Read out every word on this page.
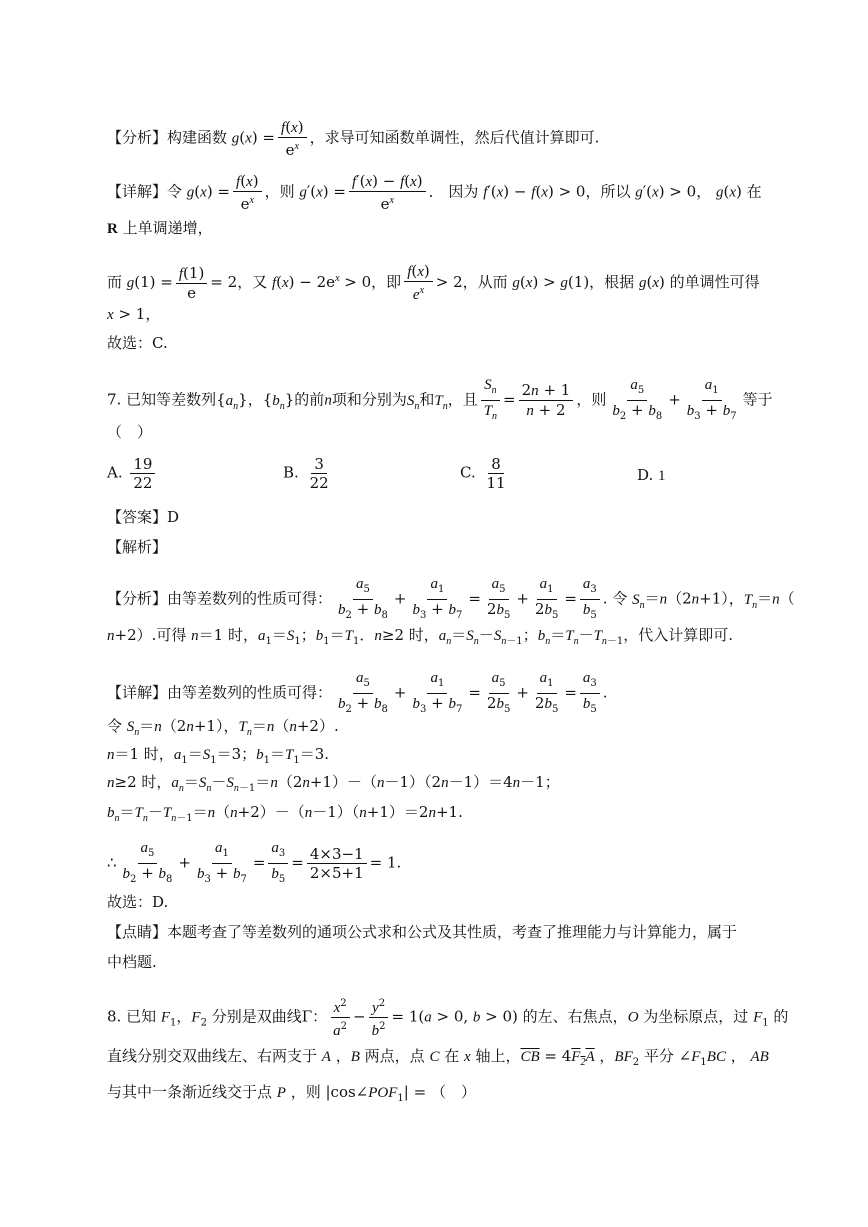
【分析】构建函数 $g(x) = \frac{f(x)}{e^x}$ ，求导可知函数单调性，然后代值计算即可.
【详解】令 $g(x) = \frac{f(x)}{e^x}$ ，则 $g'(x) = \frac{f'(x) - f(x)}{e^x}$ ． 因为 f′(x) − f(x) > 0，所以 g′(x) > 0， g(x) 在
R 上单调递增，
而 $g(1) = \frac{f(1)}{e} = 2$，又 $f(x) - 2e^x > 0$，即 $\frac{f(x)}{e^x} > 2$，从而 g(x) > g(1)，根据 g(x) 的单调性可得
x > 1，
故选：C.
7. 已知等差数列$\{a_n\}$，$\{b_n\}$的前n项和分别为$S_n$和$T_n$，且 $\frac{S_n}{T_n} = \frac{2n + 1}{n + 2}$ ，则 $\frac{a_5}{b_2 + b_8} + \frac{a_1}{b_3 + b_7}$ 等于
（　）
A. $\frac{19}{22}$	B. $\frac{3}{22}$	C. $\frac{8}{11}$	D. 1
【答案】D
【解析】
【分析】由等差数列的性质可得： $\frac{a_5}{b_2 + b_8} + \frac{a_1}{b_3 + b_7} = \frac{a_5}{2b_5} + \frac{a_1}{2b_5} = \frac{a_3}{b_5}$ . 令 $S_n=n(2n+1)$，$T_n=n$（
n+2）.可得 n＝1 时，$a_1=S_1$；$b_1=T_1$．n≥2 时，$a_n=S_n-S_{n-1}$；$b_n=T_n-T_{n-1}$，代入计算即可.
【详解】由等差数列的性质可得： $\frac{a_5}{b_2 + b_8} + \frac{a_1}{b_3 + b_7} = \frac{a_5}{2b_5} + \frac{a_1}{2b_5} = \frac{a_3}{b_5}$ .
令 $S_n=n(2n+1)$，$T_n=n(n+2)$.
n＝1 时，$a_1=S_1=3$；$b_1=T_1=3$.
n≥2 时，$a_n=S_n-S_{n-1}=n(2n+1)-(n-1)(2n-1)=4n-1$；
$b_n=T_n-T_{n-1}=n(n+2)-(n-1)(n+1)=2n+1$.
∴ $\frac{a_5}{b_2 + b_8} + \frac{a_1}{b_3 + b_7} = \frac{a_3}{b_5} = \frac{4\times 3-1}{2\times 5+1} = 1$.
故选：D.
【点睛】本题考查了等差数列的通项公式求和公式及其性质，考查了推理能力与计算能力，属于
中档题.
8. 已知 $F_1$，$F_2$ 分别是双曲线Γ： $\frac{x^2}{a^2} - \frac{y^2}{b^2} = 1(a > 0$, b > 0) 的左、右焦点，O 为坐标原点，过 $F_1$ 的
直线分别交双曲线左、右两支于 A ，B 两点，点 C 在 x 轴上，$\overline{CB} = 4F_2A$ ，$BF_2$ 平分 $\angle F_1BC$ ， AB
与其中一条渐近线交于点 P ，则 $|\cos\angle POF_1|$ = （　）
